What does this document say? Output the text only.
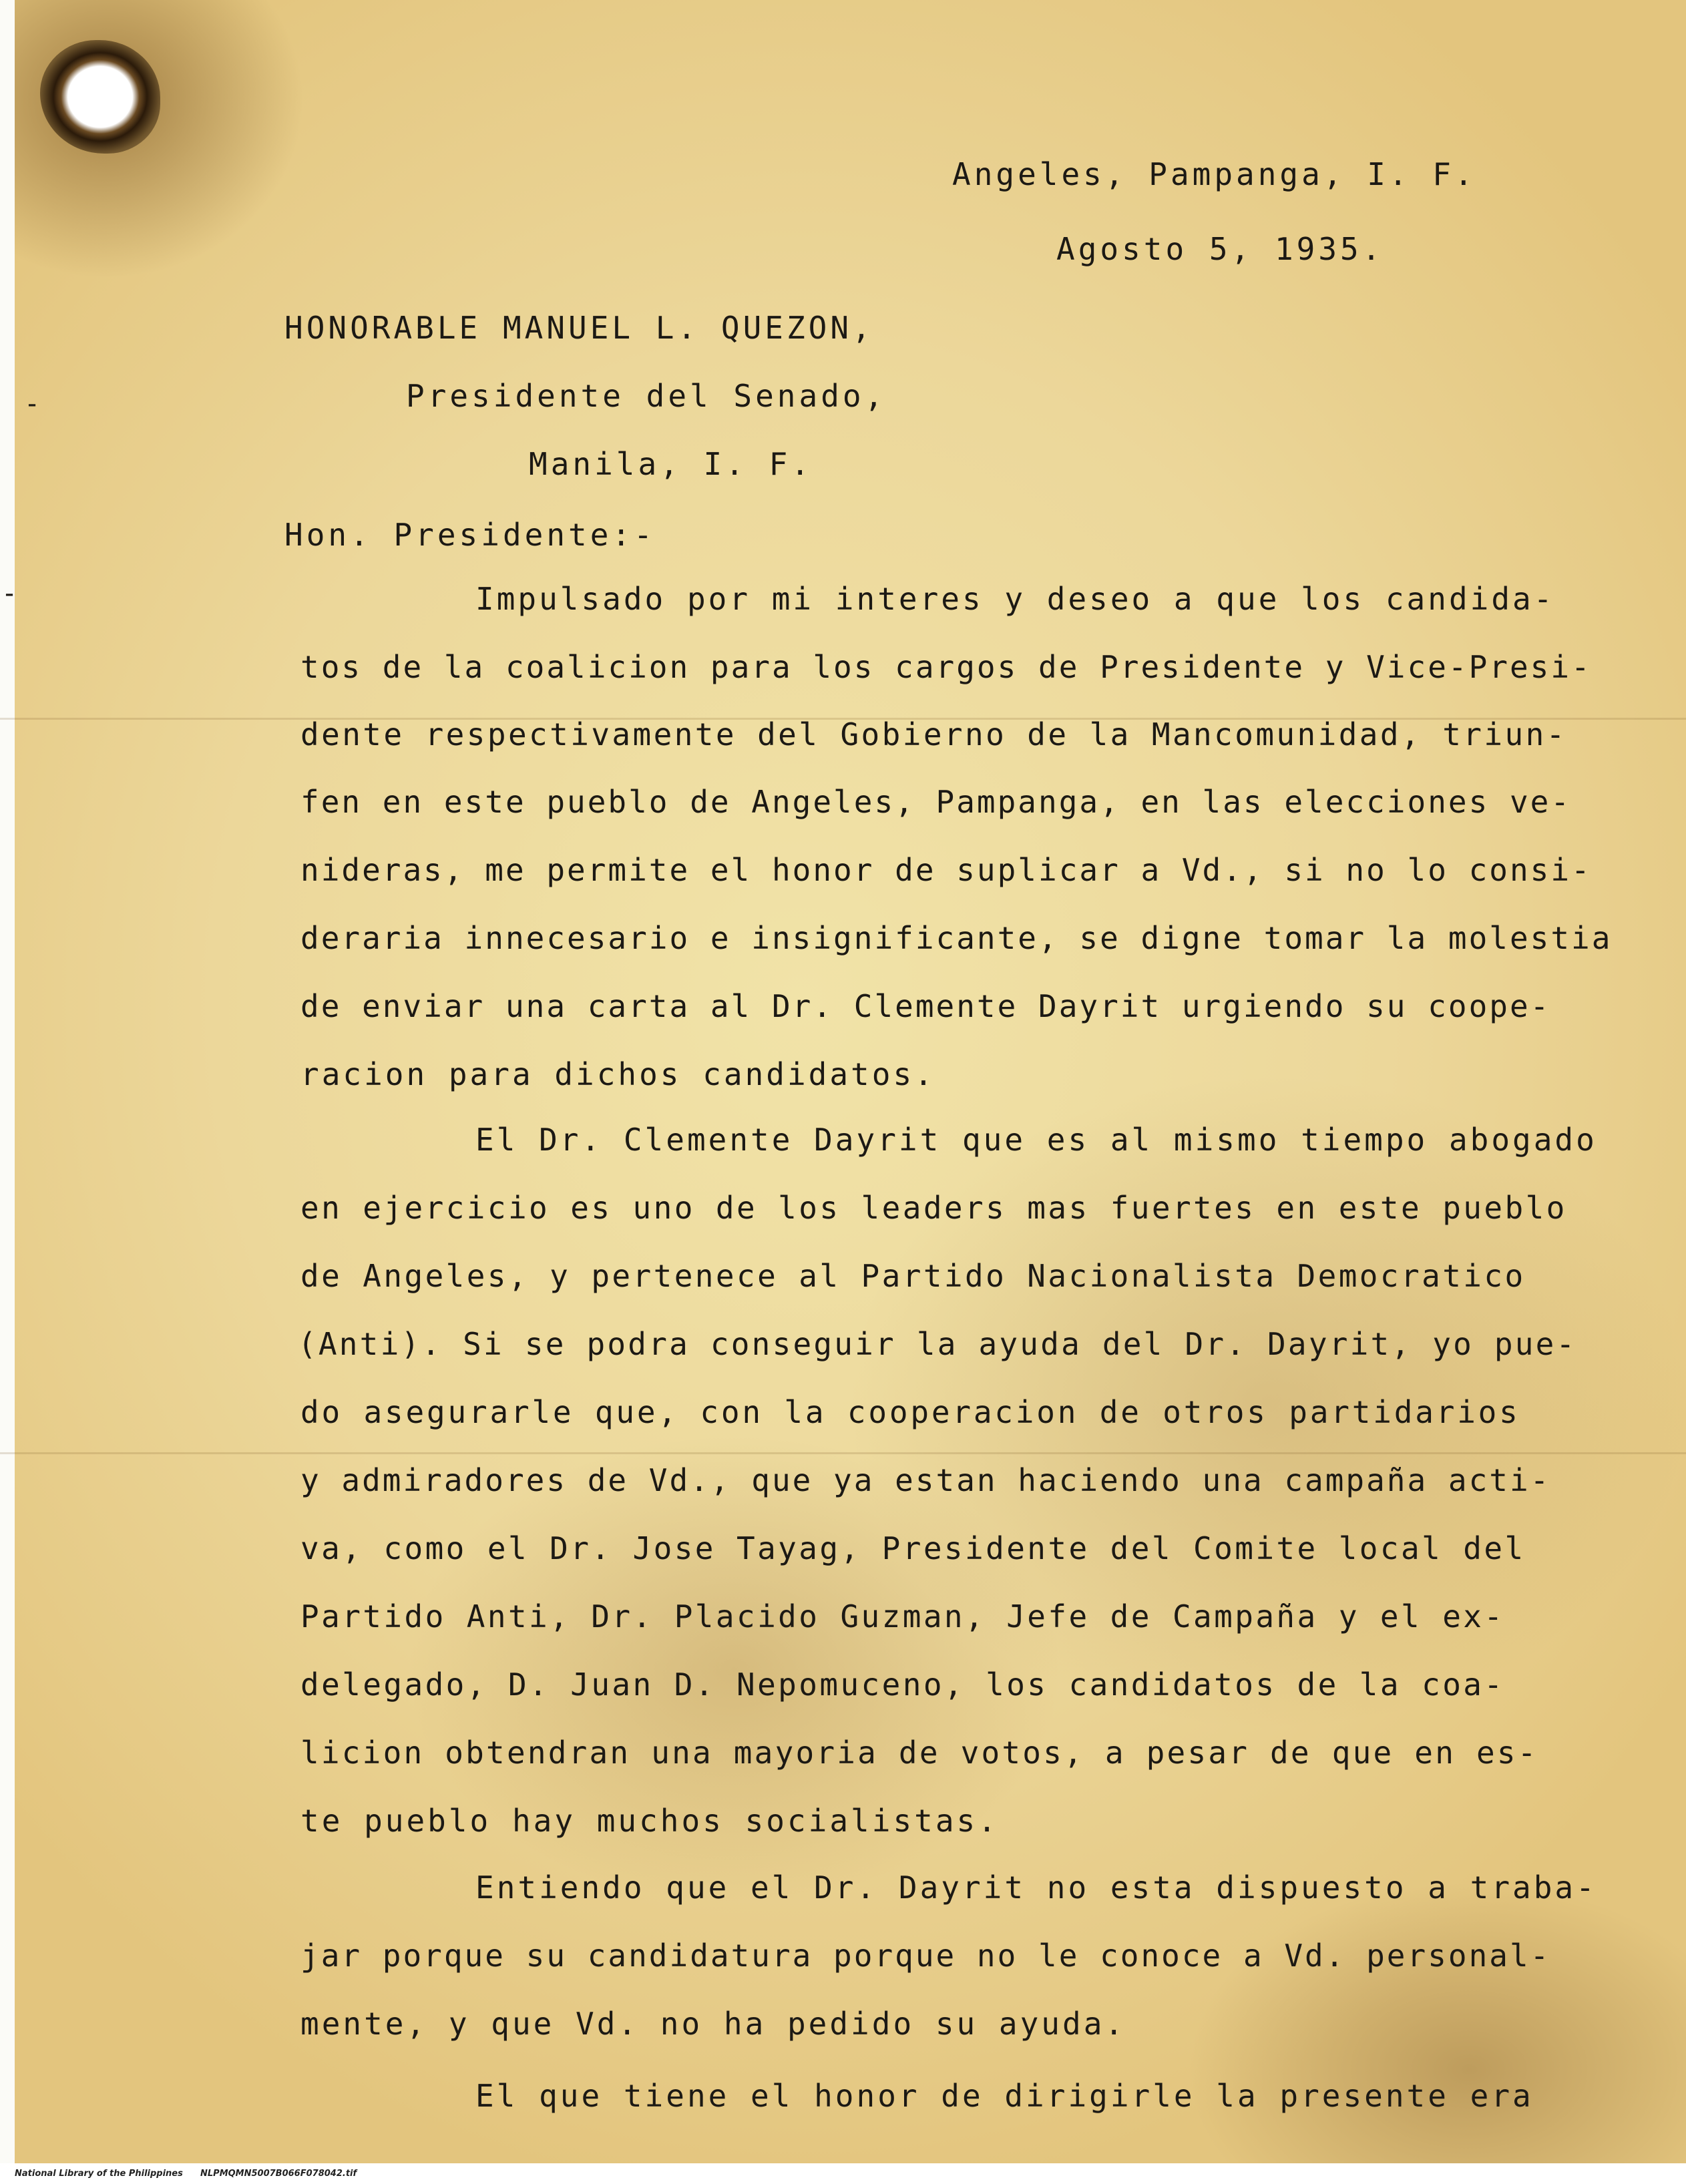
-
-
Angeles, Pampanga, I. F.
Agosto 5, 1935.
HONORABLE MANUEL L. QUEZON,
Presidente del Senado,
Manila, I. F.
Hon. Presidente:-
Impulsado por mi interes y deseo a que los candida-
tos de la coalicion para los cargos de Presidente y Vice-Presi-
dente respectivamente del Gobierno de la Mancomunidad, triun-
fen en este pueblo de Angeles, Pampanga, en las elecciones ve-
nideras, me permite el honor de suplicar a Vd., si no lo consi-
deraria innecesario e insignificante, se digne tomar la molestia
de enviar una carta al Dr. Clemente Dayrit urgiendo su coope-
racion para dichos candidatos.
El Dr. Clemente Dayrit que es al mismo tiempo abogado
en ejercicio es uno de los leaders mas fuertes en este pueblo
de Angeles, y pertenece al Partido Nacionalista Democratico
(Anti). Si se podra conseguir la ayuda del Dr. Dayrit, yo pue-
do asegurarle que, con la cooperacion de otros partidarios
y admiradores de Vd., que ya estan haciendo una campaña acti-
va, como el Dr. Jose Tayag, Presidente del Comite local del
Partido Anti, Dr. Placido Guzman, Jefe de Campaña y el ex-
delegado, D. Juan D. Nepomuceno, los candidatos de la coa-
licion obtendran una mayoria de votos, a pesar de que en es-
te pueblo hay muchos socialistas.
Entiendo que el Dr. Dayrit no esta dispuesto a traba-
jar porque su candidatura porque no le conoce a Vd. personal-
mente, y que Vd. no ha pedido su ayuda.
El que tiene el honor de dirigirle la presente era
National Library of the Philippines NLPMQMN5007B066F078042.tif
